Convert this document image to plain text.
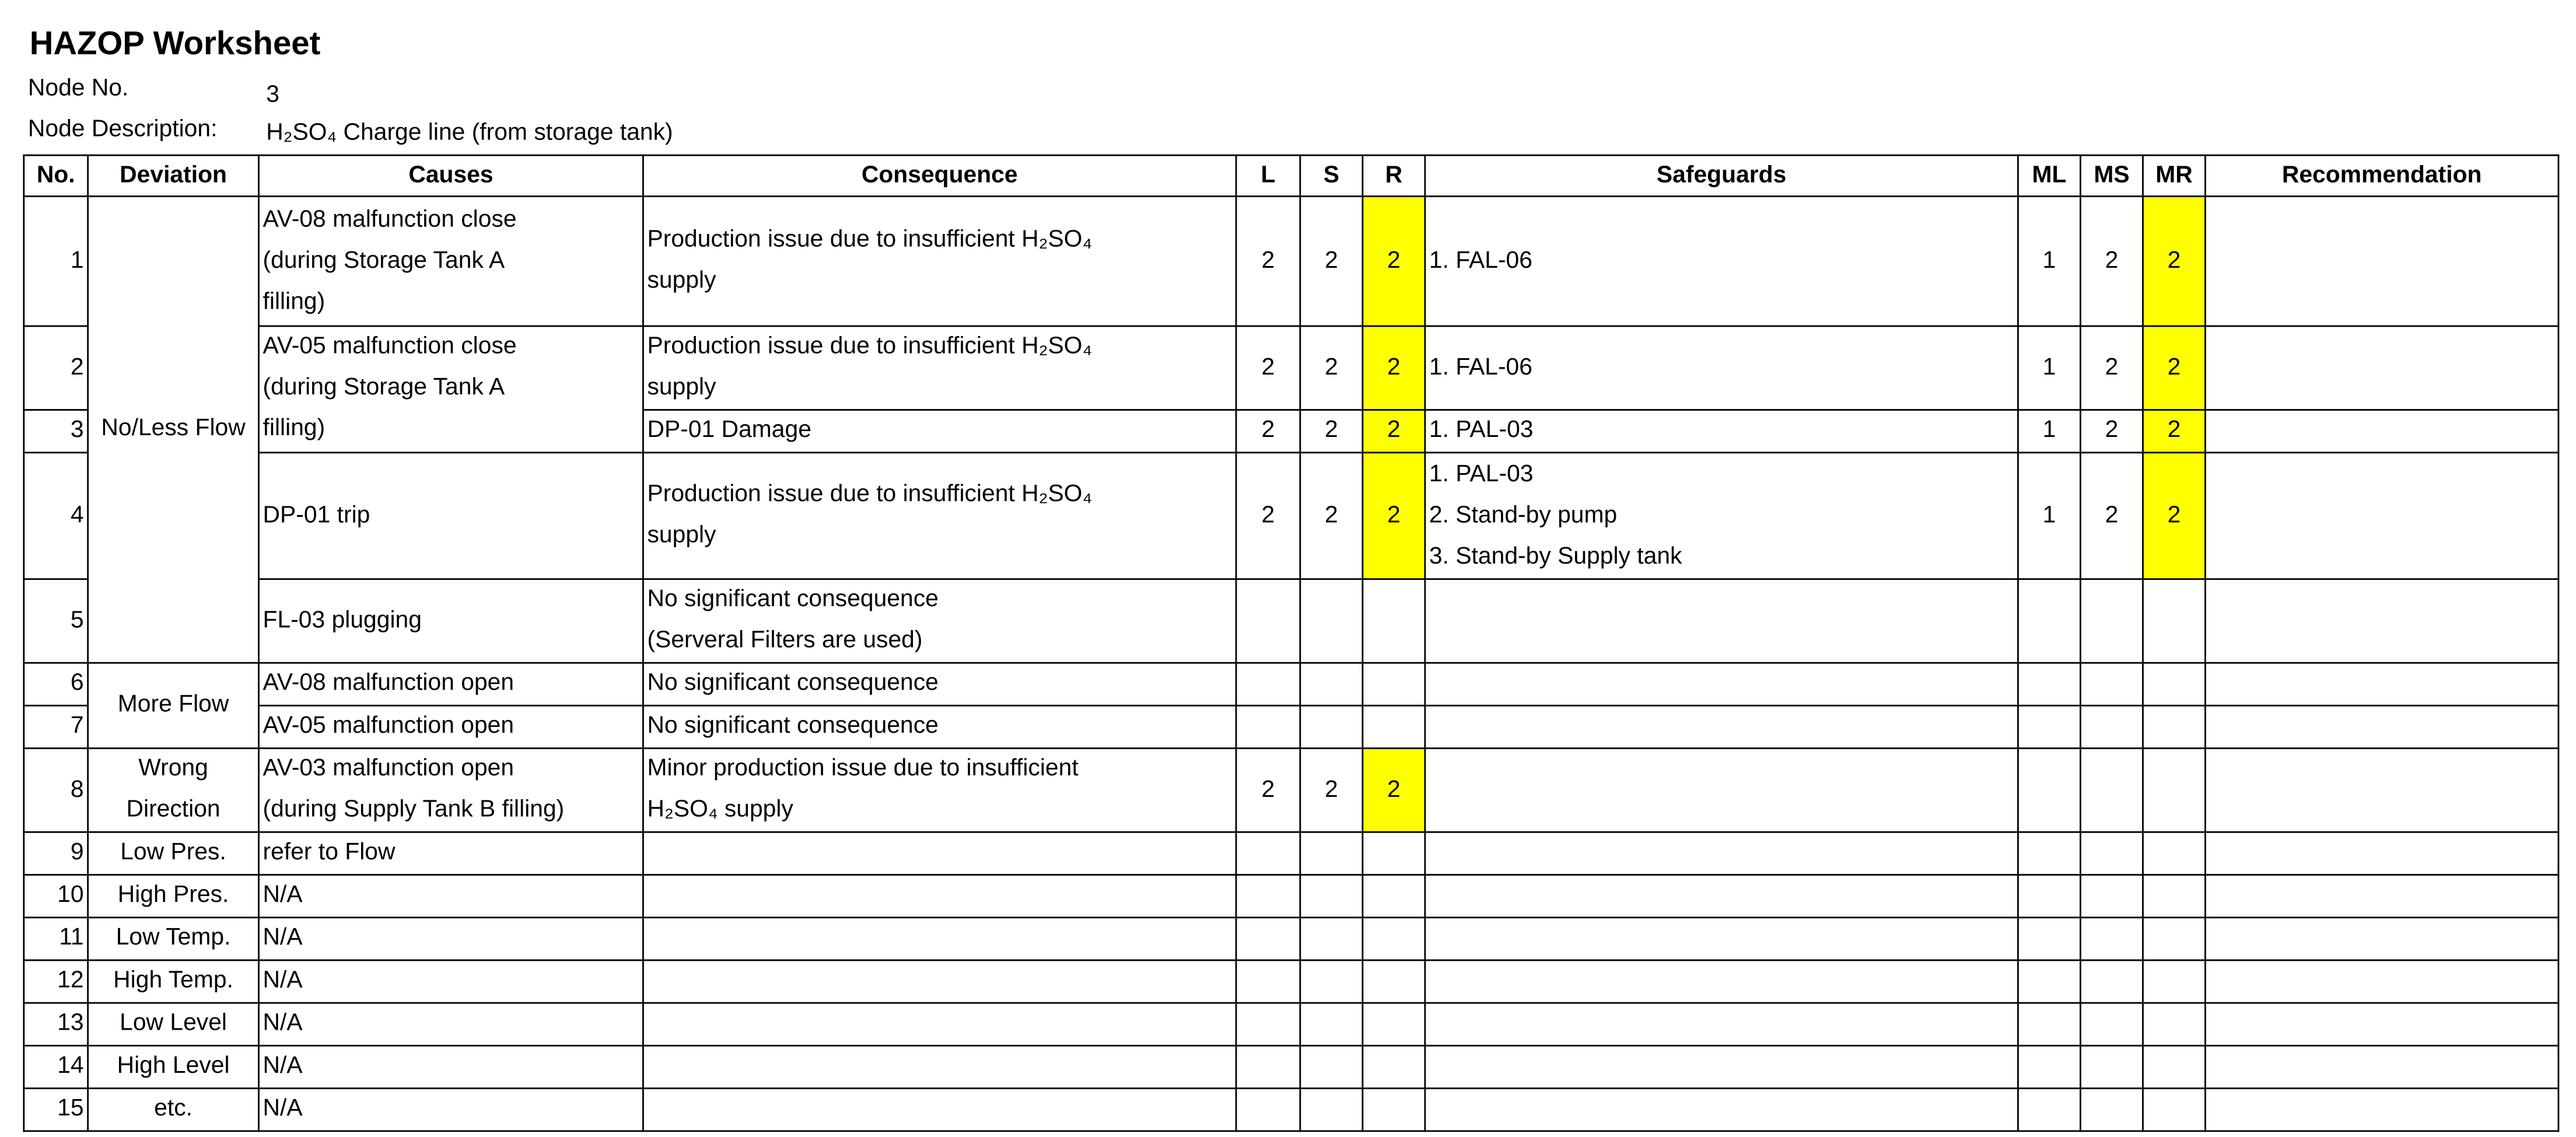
HAZOP Worksheet
Node No.	3
Node Description:	H₂SO₄ Charge line (from storage tank)
No.	Deviation	Causes	Consequence	L	S	R	Safeguards	ML	MS	MR	Recommendation
1	No/Less Flow	AV-08 malfunction close
(during Storage Tank A
filling)	Production issue due to insufficient H₂SO₄
supply	2	2	2	1. FAL-06	1	2	2	
2		AV-05 malfunction close
(during Storage Tank A
filling)	Production issue due to insufficient H₂SO₄
supply	2	2	2	1. FAL-06	1	2	2	
3			DP-01 Damage	2	2	2	1. PAL-03	1	2	2	
4		DP-01 trip	Production issue due to insufficient H₂SO₄
supply	2	2	2	1. PAL-03
2. Stand-by pump
3. Stand-by Supply tank	1	2	2	
5		FL-03 plugging	No significant consequence
(Serveral Filters are used)								
6	More Flow	AV-08 malfunction open	No significant consequence								
7		AV-05 malfunction open	No significant consequence								
8	Wrong
Direction	AV-03 malfunction open
(during Supply Tank B filling)	Minor production issue due to insufficient
H₂SO₄ supply	2	2	2					
9	Low Pres.	refer to Flow									
10	High Pres.	N/A									
11	Low Temp.	N/A									
12	High Temp.	N/A									
13	Low Level	N/A									
14	High Level	N/A									
15	etc.	N/A									
